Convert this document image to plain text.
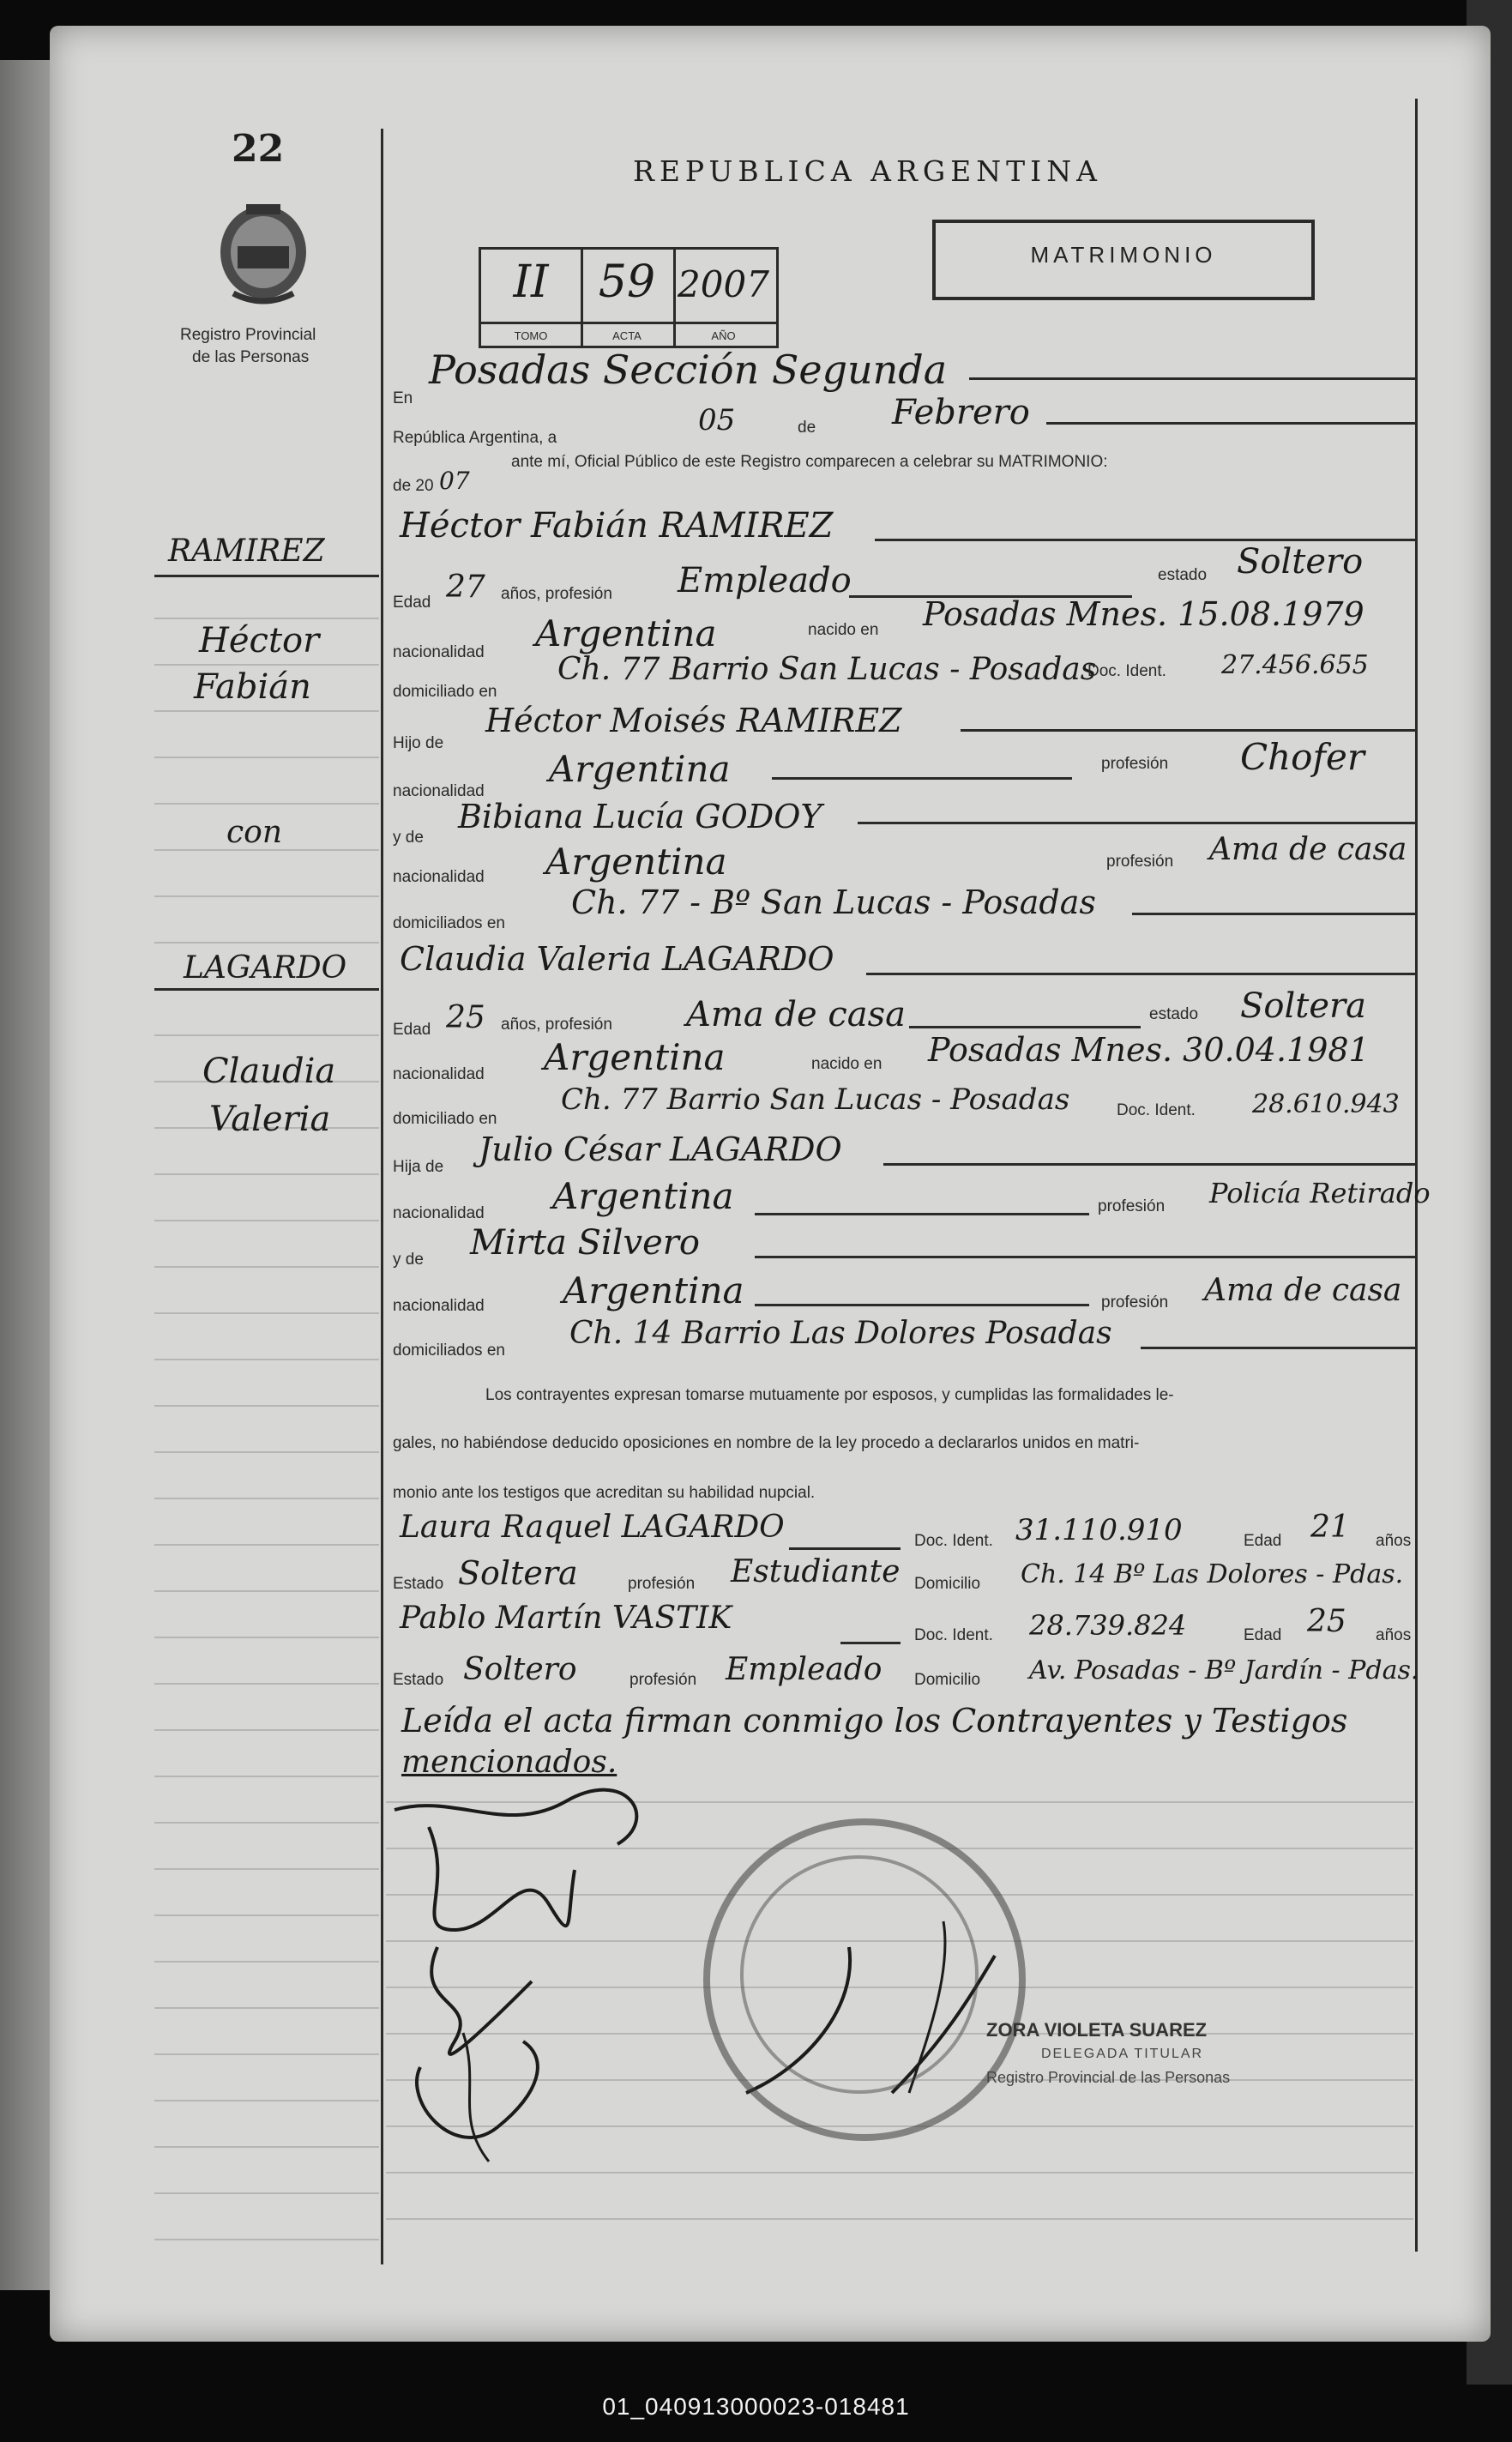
22
REPUBLICA ARGENTINA
Registro Provincial
de las Personas
II
TOMO
59
ACTA
2007
AÑO
MATRIMONIO
RAMIREZ
Héctor
Fabián
con
LAGARDO
Claudia
Valeria
En
Posadas Sección Segunda
República Argentina, a
05	de Febrero
de 20 07
ante mí, Oficial Público de este Registro comparecen a celebrar su MATRIMONIO:
Héctor Fabián RAMIREZ
Edad 27 años, profesión Empleado	estado Soltero
nacionalidad Argentina	nacido en Posadas Mnes. 15.08.1979
domiciliado en
Ch. 77 Barrio San Lucas - Posadas
Doc. Ident. 27.456.655
Hijo de
Héctor Moisés RAMIREZ
nacionalidad
Argentina	profesión Chofer
y de
Bibiana Lucía GODOY
nacionalidad Argentina	profesión Ama de casa
domiciliados en
Ch. 77 - Bº San Lucas - Posadas
Claudia Valeria LAGARDO
Edad 25 años, profesión Ama de casa	estado Soltera
nacionalidad Argentina	nacido en Posadas Mnes. 30.04.1981
domiciliado en
Ch. 77 Barrio San Lucas - Posadas	Doc. Ident. 28.610.943
Hija de Julio César LAGARDO
nacionalidad Argentina	profesión Policía Retirado
y de Mirta Silvero
nacionalidad Argentina	profesión Ama de casa
domiciliados en Ch. 14 Barrio Las Dolores Posadas
Los contrayentes expresan tomarse mutuamente por esposos, y cumplidas las formalidades le-
gales, no habiéndose deducido oposiciones en nombre de la ley procedo a declararlos unidos en matri-
monio ante los testigos que acreditan su habilidad nupcial.
Laura Raquel LAGARDO	Doc. Ident. 31.110.910	Edad 21 años
Estado Soltera	profesión Estudiante Domicilio Ch. 14 Bº Las Dolores - Pdas.
Pablo Martín VASTIK	Doc. Ident. 28.739.824	Edad 25 años
Estado Soltero	profesión Empleado Domicilio Av. Posadas - Bº Jardín - Pdas.
Leída el acta firman conmigo los Contrayentes y Testigos
mencionados.
ZORA VIOLETA SUAREZ
DELEGADA TITULAR
Registro Provincial de las Personas
01_040913000023-018481
